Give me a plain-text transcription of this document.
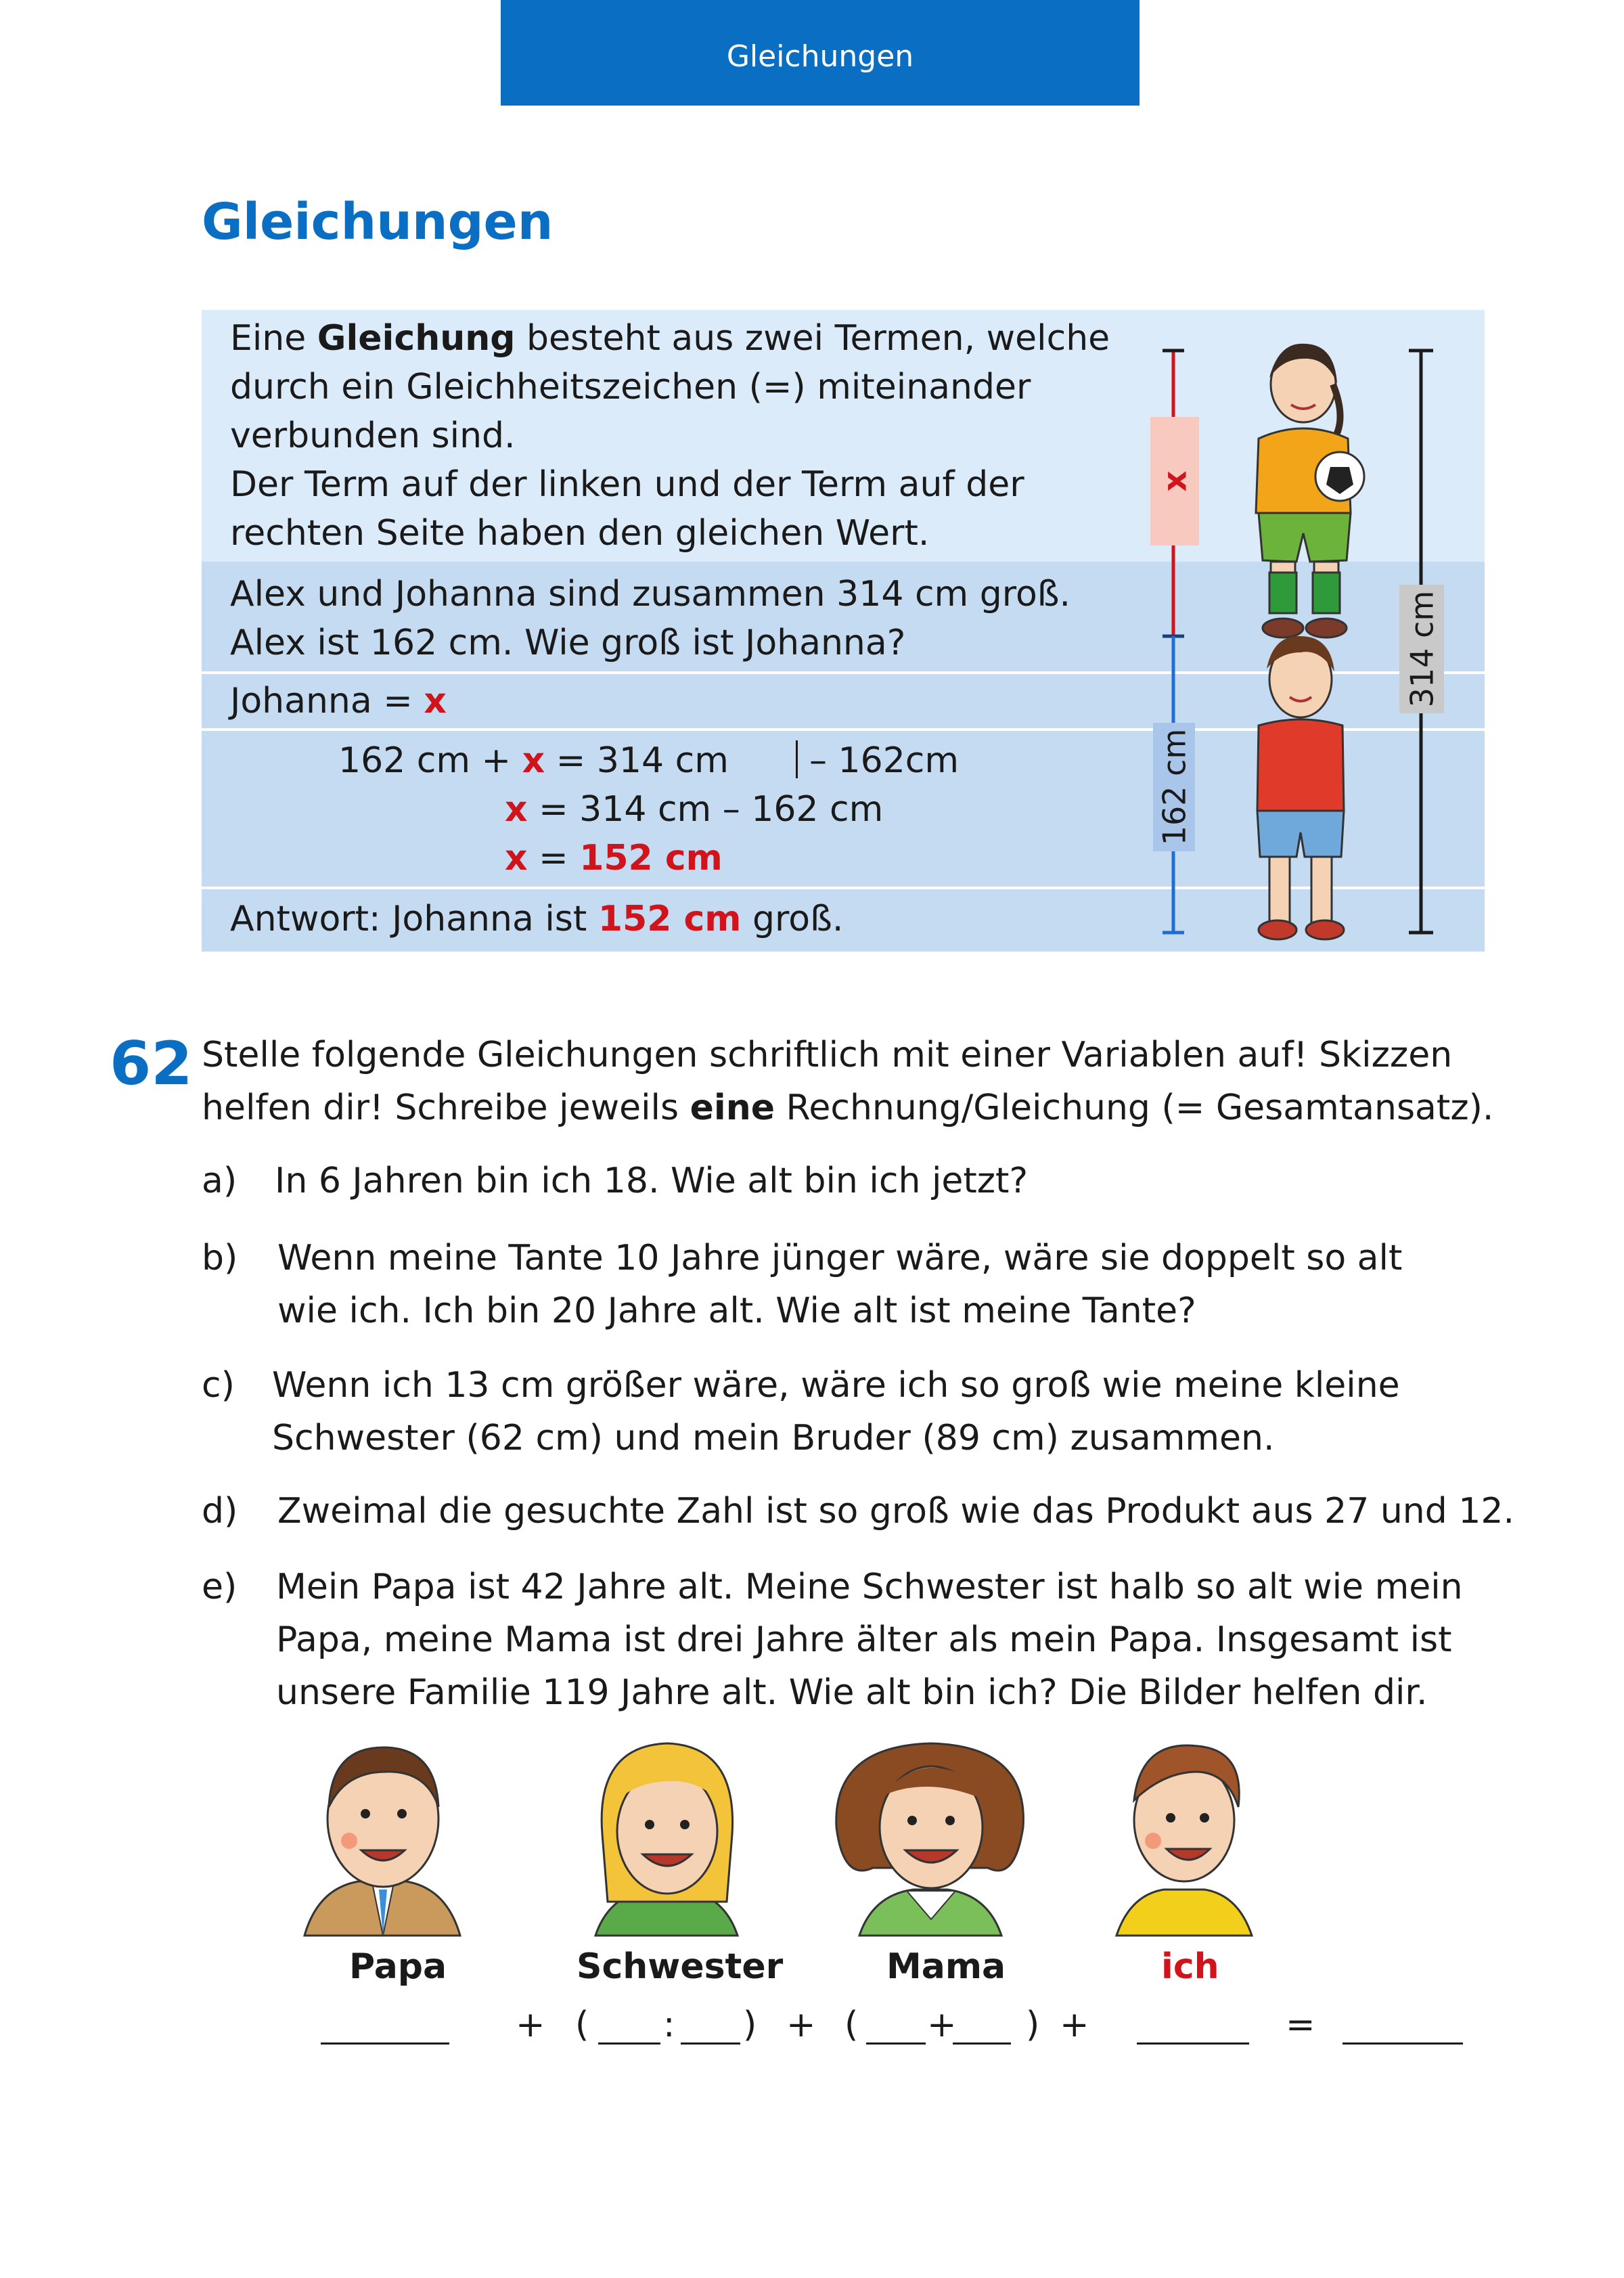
Gleichungen
Gleichungen
Eine Gleichung besteht aus zwei Termen, welche
durch ein Gleichheitszeichen (=) miteinander
verbunden sind.
Der Term auf der linken und der Term auf der
rechten Seite haben den gleichen Wert.
Alex und Johanna sind zusammen 314 cm groß.
Alex ist 162 cm. Wie groß ist Johanna?
Johanna = x
162 cm + x = 314 cm – 162cm
x = 314 cm – 162 cm
x = 152 cm
Antwort: Johanna ist 152 cm groß.
x
162 cm
314 cm
62 Stelle folgende Gleichungen schriftlich mit einer Variablen auf! Skizzen
helfen dir! Schreibe jeweils eine Rechnung/Gleichung (= Gesamtansatz).
a) In 6 Jahren bin ich 18. Wie alt bin ich jetzt?
b) Wenn meine Tante 10 Jahre jünger wäre, wäre sie doppelt so alt
wie ich. Ich bin 20 Jahre alt. Wie alt ist meine Tante?
c) Wenn ich 13 cm größer wäre, wäre ich so groß wie meine kleine
Schwester (62 cm) und mein Bruder (89 cm) zusammen.
d) Zweimal die gesuchte Zahl ist so groß wie das Produkt aus 27 und 12.
e) Mein Papa ist 42 Jahre alt. Meine Schwester ist halb so alt wie mein
Papa, meine Mama ist drei Jahre älter als mein Papa. Insgesamt ist
unsere Familie 119 Jahre alt. Wie alt bin ich? Die Bilder helfen dir.
Papa	Schwester	Mama	ich
+ ( : ) + ( + ) +	=
